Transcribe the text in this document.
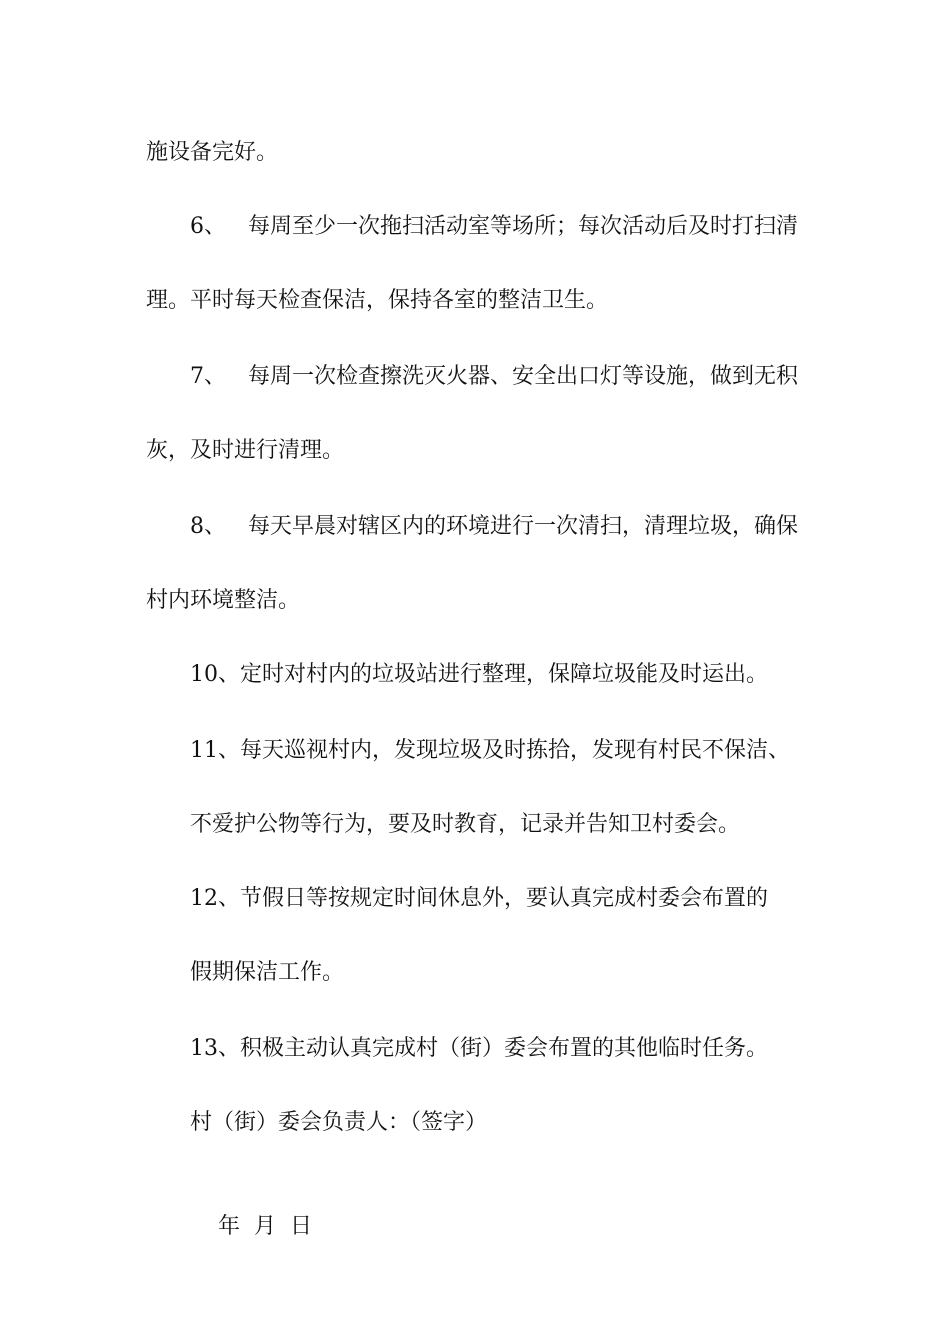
施设备完好。
6、 每周至少一次拖扫活动室等场所；每次活动后及时打扫清
理。平时每天检查保洁，保持各室的整洁卫生。
7、 每周一次检查擦洗灭火器、安全出口灯等设施，做到无积
灰，及时进行清理。
8、 每天早晨对辖区内的环境进行一次清扫，清理垃圾，确保
村内环境整洁。
10、定时对村内的垃圾站进行整理，保障垃圾能及时运出。
11、每天巡视村内，发现垃圾及时拣拾，发现有村民不保洁、
不爱护公物等行为，要及时教育，记录并告知卫村委会。
12、节假日等按规定时间休息外，要认真完成村委会布置的
假期保洁工作。
13、积极主动认真完成村（街）委会布置的其他临时任务。
村（街）委会负责人：（签字）

年  月  日
